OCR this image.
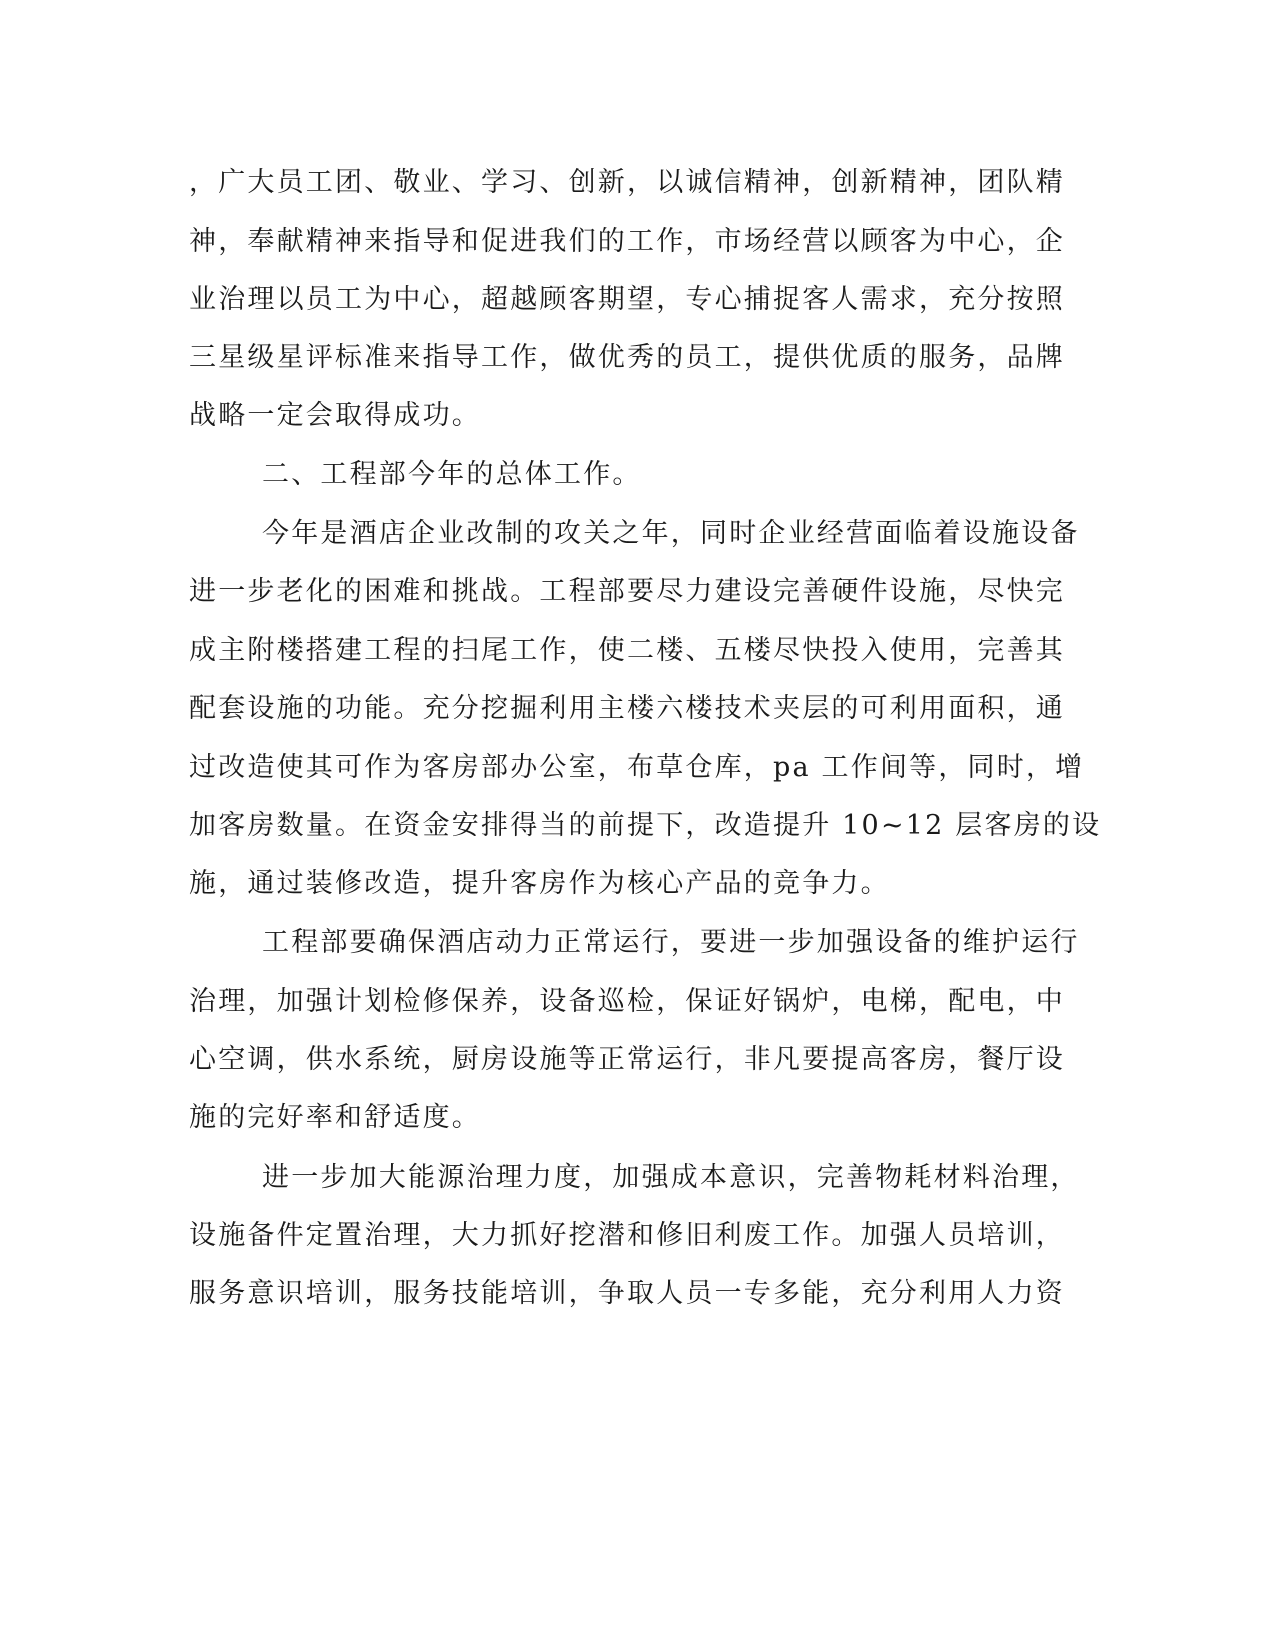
，广大员工团、敬业、学习、创新，以诚信精神，创新精神，团队精
神，奉献精神来指导和促进我们的工作，市场经营以顾客为中心，企
业治理以员工为中心，超越顾客期望，专心捕捉客人需求，充分按照
三星级星评标准来指导工作，做优秀的员工，提供优质的服务，品牌
战略一定会取得成功。
二、工程部今年的总体工作。
今年是酒店企业改制的攻关之年，同时企业经营面临着设施设备
进一步老化的困难和挑战。工程部要尽力建设完善硬件设施，尽快完
成主附楼搭建工程的扫尾工作，使二楼、五楼尽快投入使用，完善其
配套设施的功能。充分挖掘利用主楼六楼技术夹层的可利用面积，通
过改造使其可作为客房部办公室，布草仓库，pa 工作间等，同时，增
加客房数量。在资金安排得当的前提下，改造提升 10~12 层客房的设
施，通过装修改造，提升客房作为核心产品的竞争力。
工程部要确保酒店动力正常运行，要进一步加强设备的维护运行
治理，加强计划检修保养，设备巡检，保证好锅炉，电梯，配电，中
心空调，供水系统，厨房设施等正常运行，非凡要提高客房，餐厅设
施的完好率和舒适度。
进一步加大能源治理力度，加强成本意识，完善物耗材料治理，
设施备件定置治理，大力抓好挖潜和修旧利废工作。加强人员培训，
服务意识培训，服务技能培训，争取人员一专多能，充分利用人力资
